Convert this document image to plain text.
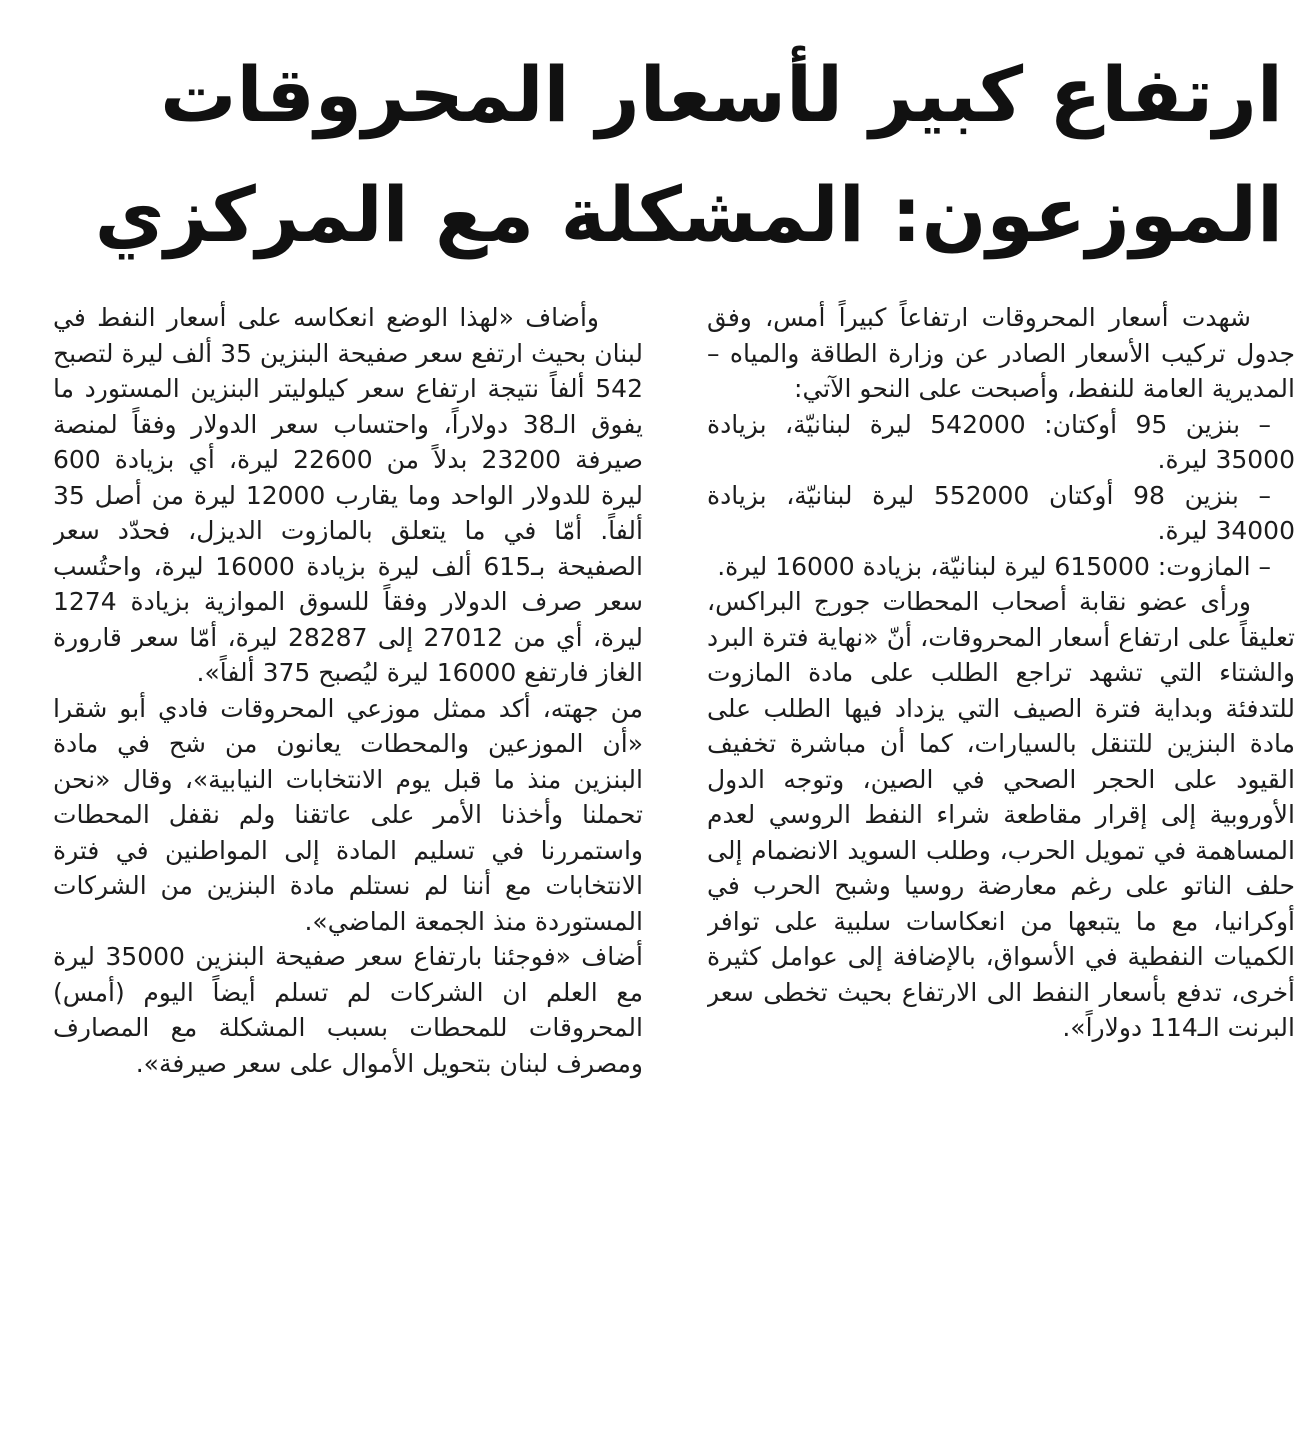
ارتفاع كبير لأسعار المحروقات
الموزعون: المشكلة مع المركزي

شهدت أسعار المحروقات ارتفاعاً كبيراً أمس، وفق جدول تركيب الأسعار الصادر عن وزارة الطاقة والمياه – المديرية العامة للنفط، وأصبحت على النحو الآتي:

– بنزين 95 أوكتان: 542000 ليرة لبنانيّة، بزيادة 35000 ليرة.

– بنزين 98 أوكتان 552000 ليرة لبنانيّة، بزيادة 34000 ليرة.

– المازوت: 615000 ليرة لبنانيّة، بزيادة 16000 ليرة.

ورأى عضو نقابة أصحاب المحطات جورج البراكس، تعليقاً على ارتفاع أسعار المحروقات، أنّ «نهاية فترة البرد والشتاء التي تشهد تراجع الطلب على مادة المازوت للتدفئة وبداية فترة الصيف التي يزداد فيها الطلب على مادة البنزين للتنقل بالسيارات، كما أن مباشرة تخفيف القيود على الحجر الصحي في الصين، وتوجه الدول الأوروبية إلى إقرار مقاطعة شراء النفط الروسي لعدم المساهمة في تمويل الحرب، وطلب السويد الانضمام إلى حلف الناتو على رغم معارضة روسيا وشبح الحرب في أوكرانيا، مع ما يتبعها من انعكاسات سلبية على توافر الكميات النفطية في الأسواق، بالإضافة إلى عوامل كثيرة أخرى، تدفع بأسعار النفط الى الارتفاع بحيث تخطى سعر البرنت الـ114 دولاراً».

وأضاف «لهذا الوضع انعكاسه على أسعار النفط في لبنان بحيث ارتفع سعر صفيحة البنزين 35 ألف ليرة لتصبح 542 ألفاً نتيجة ارتفاع سعر كيلوليتر البنزين المستورد ما يفوق الـ38 دولاراً، واحتساب سعر الدولار وفقاً لمنصة صيرفة 23200 بدلاً من 22600 ليرة، أي بزيادة 600 ليرة للدولار الواحد وما يقارب 12000 ليرة من أصل 35 ألفاً. أمّا في ما يتعلق بالمازوت الديزل، فحدّد سعر الصفيحة بـ615 ألف ليرة بزيادة 16000 ليرة، واحتُسب سعر صرف الدولار وفقاً للسوق الموازية بزيادة 1274 ليرة، أي من 27012 إلى 28287 ليرة، أمّا سعر قارورة الغاز فارتفع 16000 ليرة ليُصبح 375 ألفاً».

من جهته، أكد ممثل موزعي المحروقات فادي أبو شقرا «أن الموزعين والمحطات يعانون من شح في مادة البنزين منذ ما قبل يوم الانتخابات النيابية»، وقال «نحن تحملنا وأخذنا الأمر على عاتقنا ولم نقفل المحطات واستمررنا في تسليم المادة إلى المواطنين في فترة الانتخابات مع أننا لم نستلم مادة البنزين من الشركات المستوردة منذ الجمعة الماضي».

أضاف «فوجئنا بارتفاع سعر صفيحة البنزين 35000 ليرة مع العلم ان الشركات لم تسلم أيضاً اليوم (أمس) المحروقات للمحطات بسبب المشكلة مع المصارف ومصرف لبنان بتحويل الأموال على سعر صيرفة».
